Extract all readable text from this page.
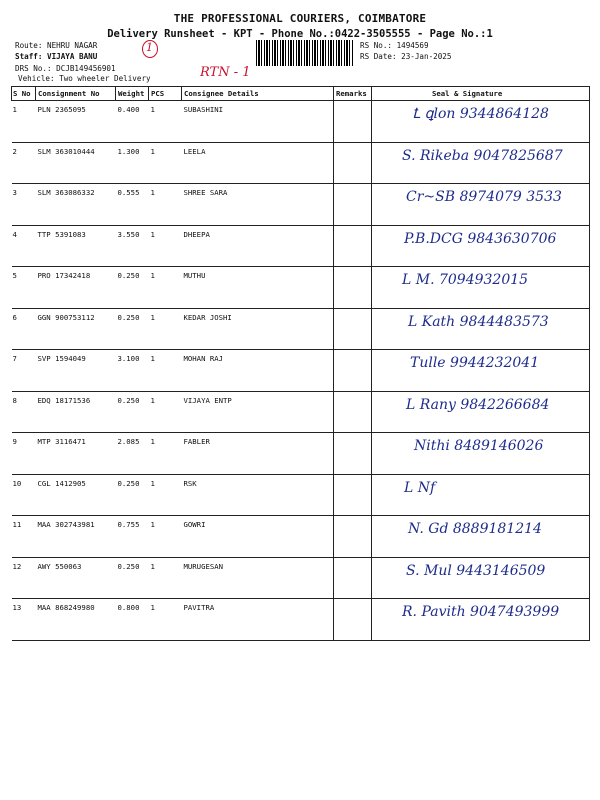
THE PROFESSIONAL COURIERS, COIMBATORE
Delivery Runsheet - KPT - Phone No.:0422-3505555 - Page No.:1
Route: NEHRU NAGAR
Staff: VIJAYA BANU
DRS No.: DCJB149456901
Vehicle: Two wheeler Delivery
1
RTN - 1
RS No.: 1494569
RS Date: 23-Jan-2025
S No	Consignment No	Weight	PCS	Consignee Details	Remarks	Seal & Signature
1	PLN 2365095	0.400	1	SUBASHINI		Ꝉ ꝗlon 9344864128

2	SLM 363010444	1.300	1	LEELA		S. Rikeba 9047825687

3	SLM 363086332	0.555	1	SHREE SARA		Cr~SB 8974079 3533

4	TTP 5391083	3.550	1	DHEEPA		P.B.DCG 9843630706

5	PRO 17342418	0.250	1	MUTHU		L M. 7094932015

6	GGN 900753112	0.250	1	KEDAR JOSHI		L Kath 9844483573

7	SVP 1594049	3.100	1	MOHAN RAJ		Tulle 9944232041

8	EDQ 18171536	0.250	1	VIJAYA ENTP		L Rany 9842266684

9	MTP 3116471	2.085	1	FABLER		Nithi 8489146026

10	CGL 1412905	0.250	1	RSK		L Nf

11	MAA 302743981	0.755	1	GOWRI		N. Gd 8889181214

12	AWY 550063	0.250	1	MURUGESAN		S. Mul 9443146509

13	MAA 868249980	0.800	1	PAVITRA		R. Pavith 9047493999
